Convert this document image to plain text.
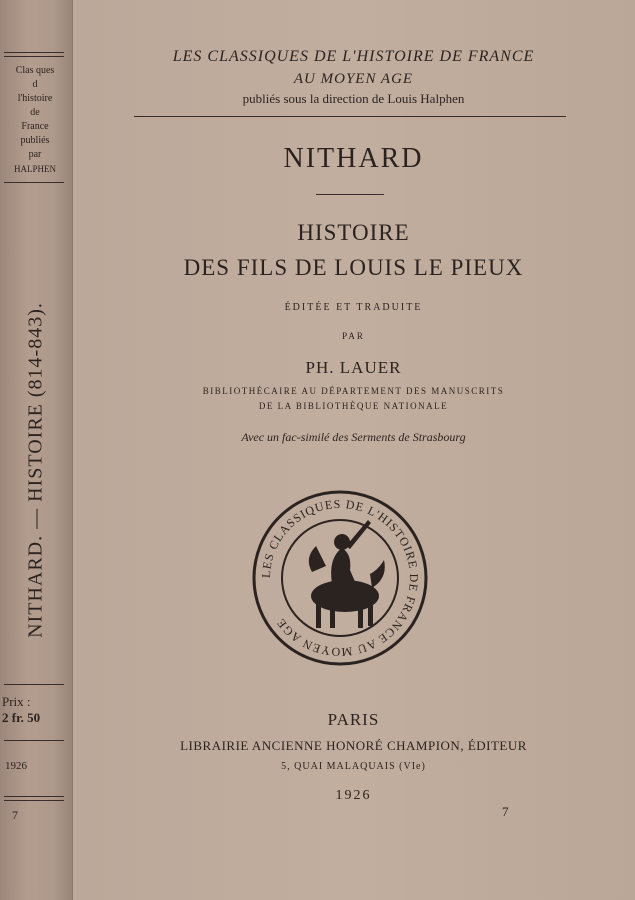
Clas ques
d
l'histoire
de
France
publiés
par
HALPHEN
NITHARD. — HISTOIRE (814-843).
Prix :
2 fr. 50
1926
7
LES CLASSIQUES DE L'HISTOIRE DE FRANCE
AU MOYEN AGE
publiés sous la direction de Louis Halphen
NITHARD
HISTOIRE
DES FILS DE LOUIS LE PIEUX
ÉDITÉE ET TRADUITE
PAR
PH. LAUER
BIBLIOTHÉCAIRE AU DÉPARTEMENT DES MANUSCRITS
DE LA BIBLIOTHÈQUE NATIONALE
Avec un fac-similé des Serments de Strasbourg
LES CLASSIQUES DE L'HISTOIRE DE FRANCE AU MOYEN AGE
PARIS
LIBRAIRIE ANCIENNE HONORÉ CHAMPION, ÉDITEUR
5, QUAI MALAQUAIS (VIe)
1926
7
